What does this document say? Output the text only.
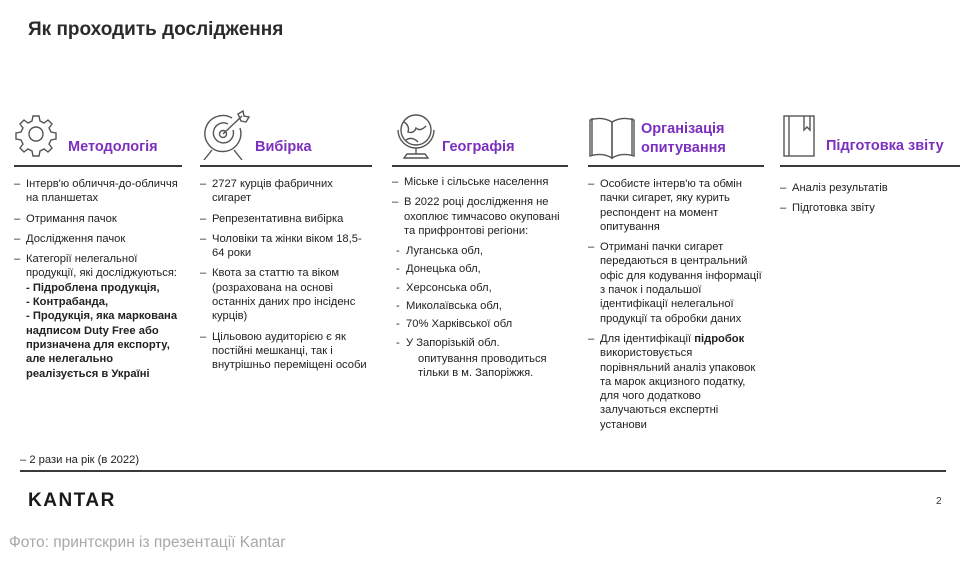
Як проходить дослідження
Методологія
– Інтерв'ю обличчя-до-обличчя на планшетах
– Отримання пачок
– Дослідження пачок
– Категорії нелегальної продукції, які досліджуються:
- Підроблена продукція,
- Контрабанда,
- Продукція, яка маркована надписом Duty Free або призначена для експорту, але нелегально реалізується в Україні
Вибірка
– 2727 курців фабричних сигарет
– Репрезентативна вибірка
– Чоловіки та жінки віком 18,5- 64 роки
– Квота за статтю та віком (розрахована на основі останніх даних про інсіденс курців)
– Цільовою аудиторією є як постійні мешканці, так і внутрішньо переміщені особи
Географія
– Міське і сільське населення
– В 2022 році дослідження не охоплює тимчасово окуповані та прифронтові регіони:
- Луганська обл,
- Донецька обл,
- Херсонська обл,
- Миколаївська обл,
- 70% Харківської обл
- У Запорізькій обл.
опитування проводиться тільки в м. Запоріжжя.
Організація
опитування
– Особисте інтерв'ю та обмін пачки сигарет, яку курить респондент на момент опитування
– Отримані пачки сигарет передаються в центральний офіс для кодування інформації з пачок і подальшої ідентифікації нелегальної продукції та обробки даних
– Для ідентифікації підробок використовується порівняльний аналіз упаковок та марок акцизного податку, для чого додатково залучаються експертні установи
Підготовка звіту
– Аналіз результатів
– Підготовка звіту
– 2 рази на рік (в 2022)
KANTAR	2
Фото: принтскрин із презентації Kantar
